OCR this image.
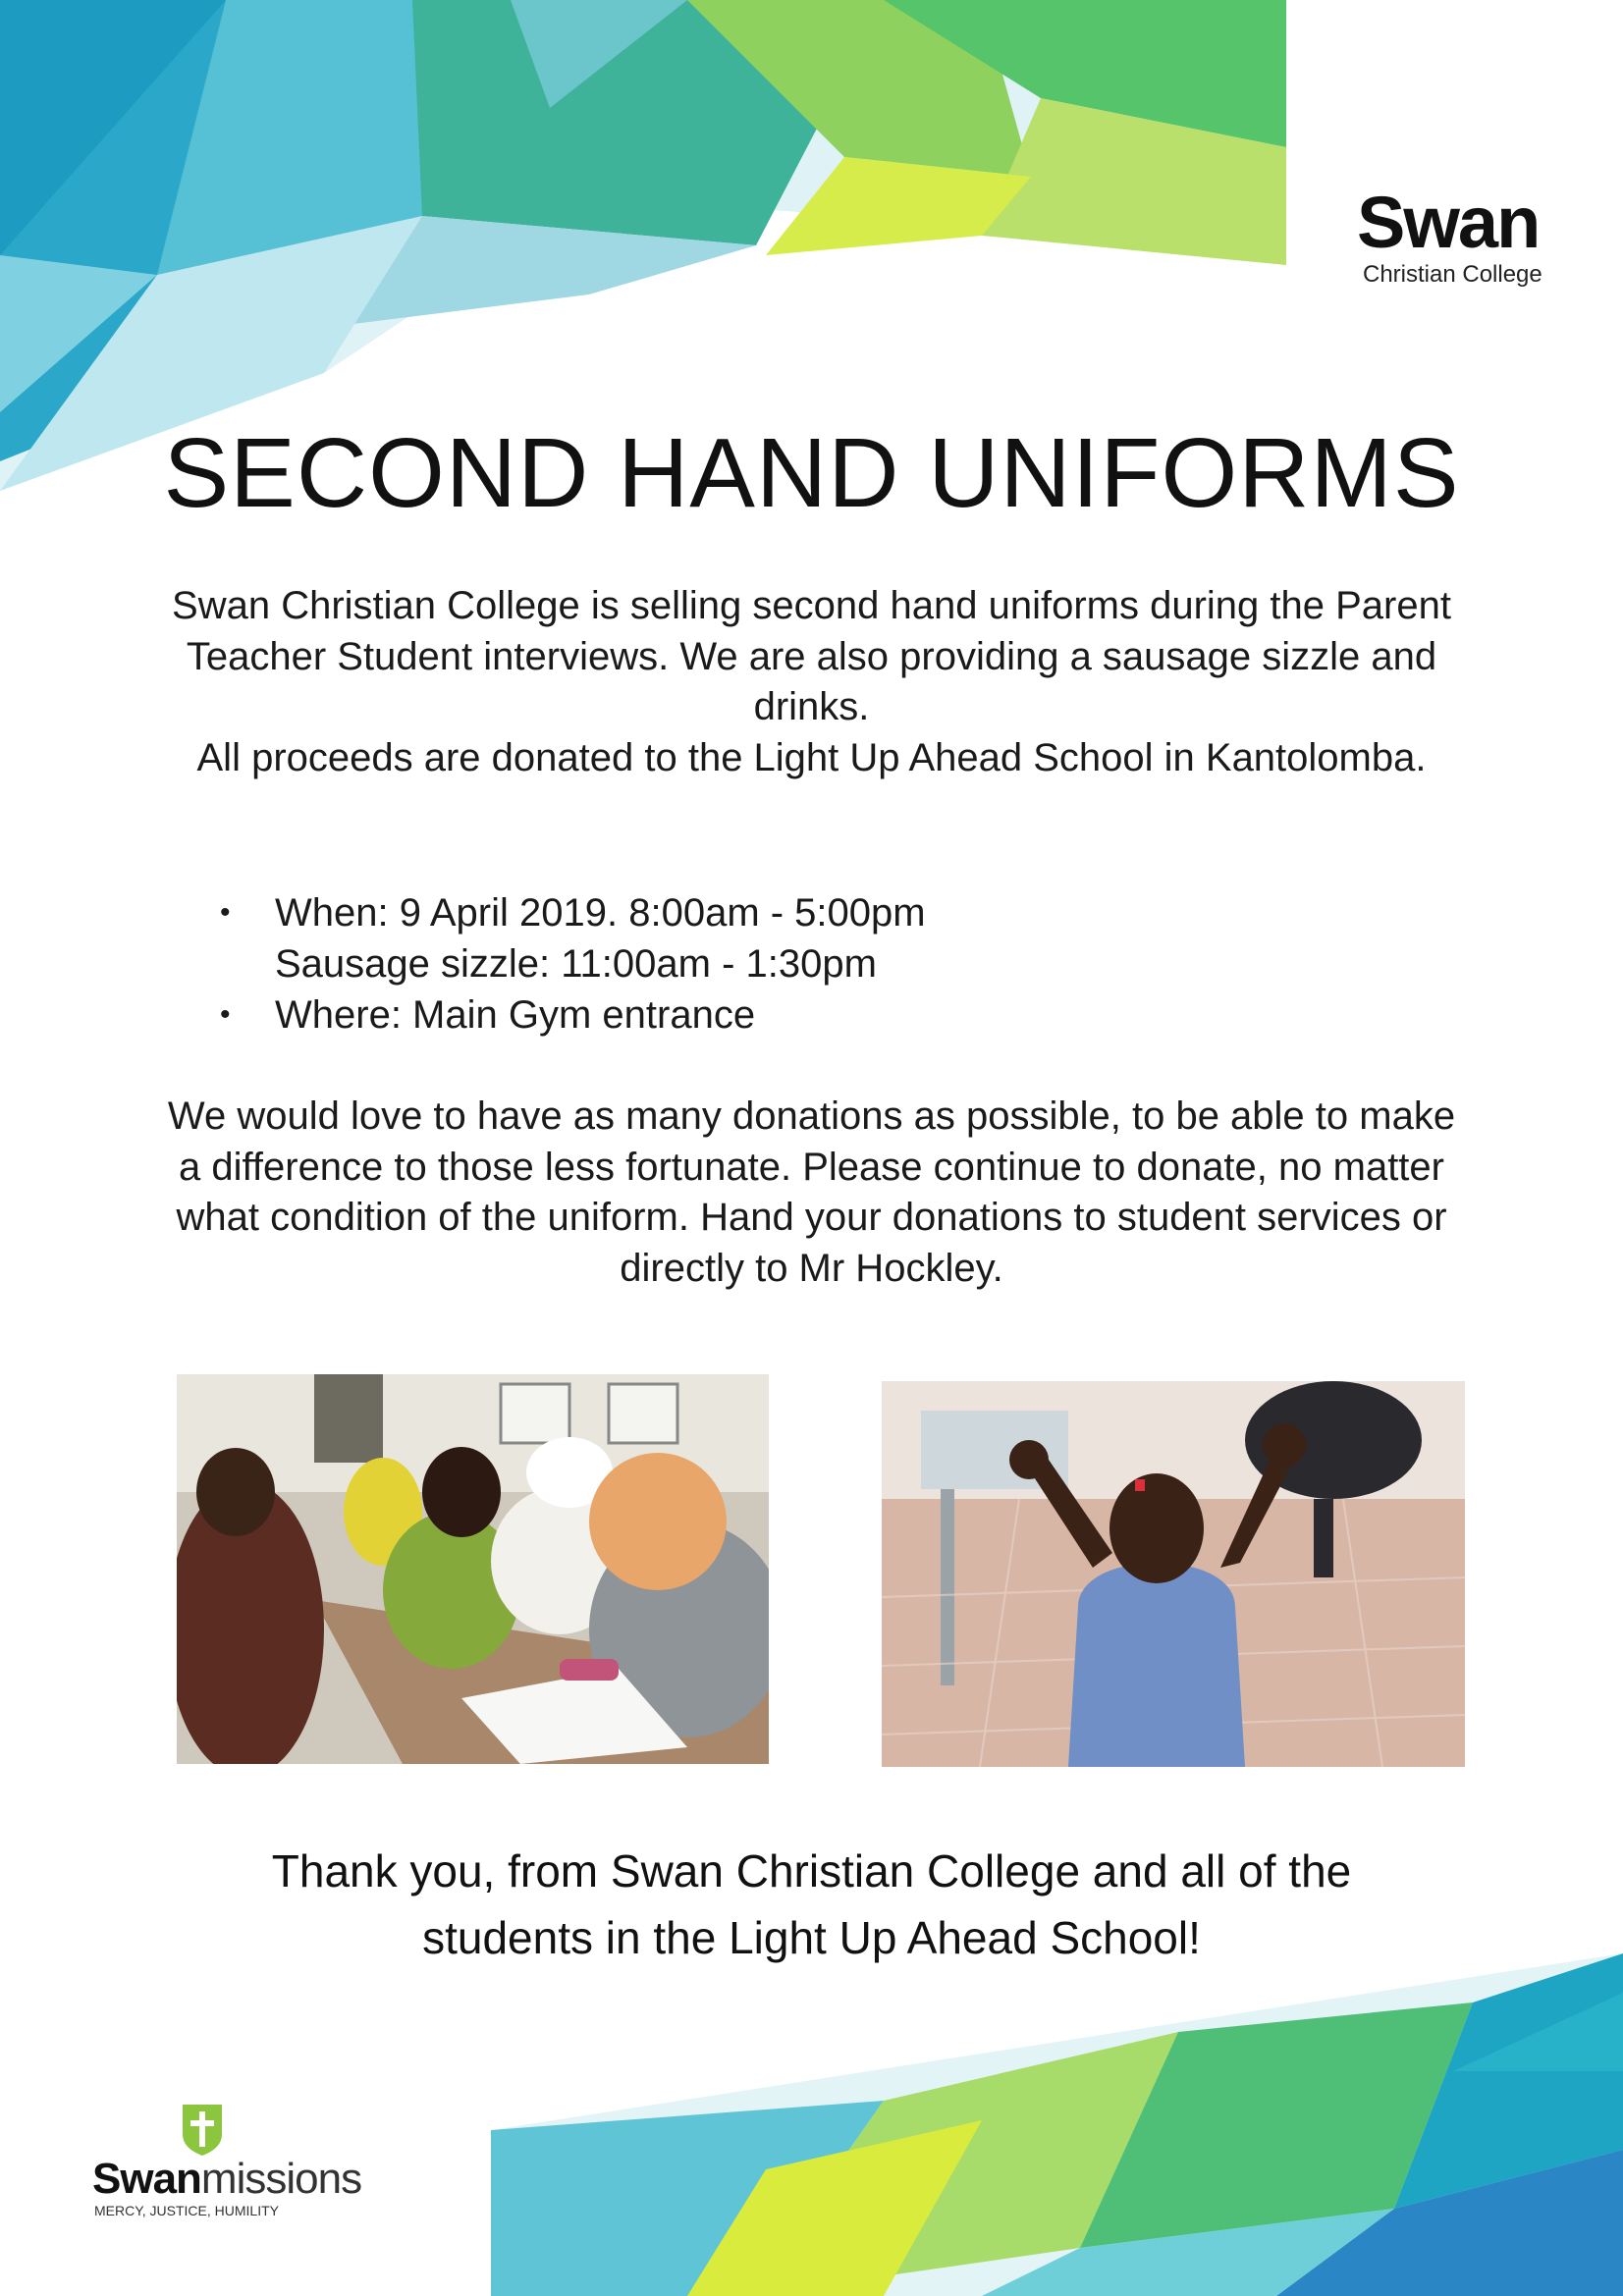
Swan
Christian College
SECOND HAND UNIFORMS

Swan Christian College is selling second hand uniforms during the Parent Teacher Student interviews. We are also providing a sausage sizzle and drinks.

All proceeds are donated to the Light Up Ahead School in Kantolomba.

• When: 9 April 2019. 8:00am - 5:00pm
Sausage sizzle: 11:00am - 1:30pm
• Where: Main Gym entrance
We would love to have as many donations as possible, to be able to make a difference to those less fortunate. Please continue to donate, no matter what condition of the uniform. Hand your donations to student services or directly to Mr Hockley.

Thank you, from Swan Christian College and all of the

students in the Light Up Ahead School!

Swanmissions
MERCY, JUSTICE, HUMILITY
